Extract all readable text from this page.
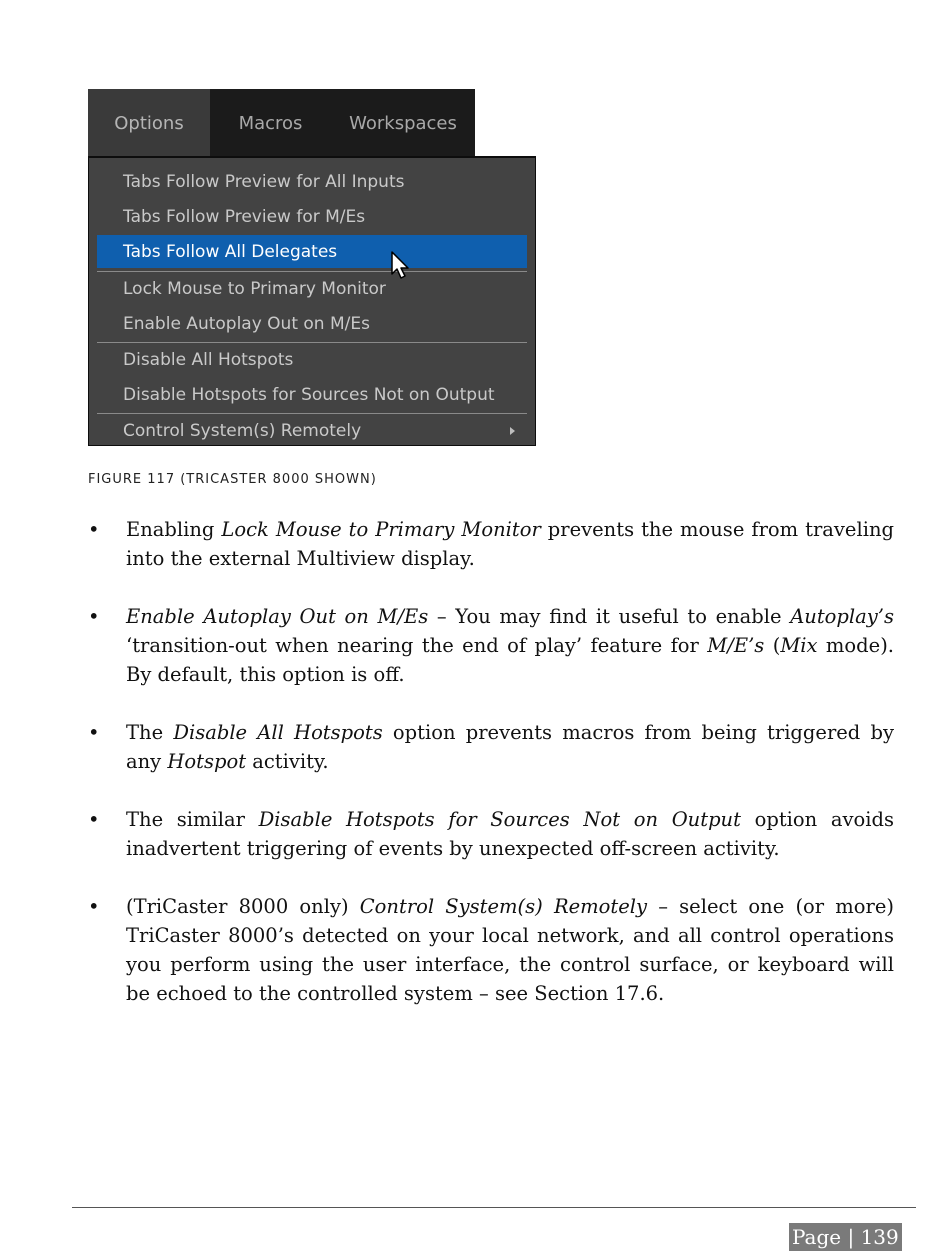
Options	Macros	Workspaces
Tabs Follow Preview for All Inputs
Tabs Follow Preview for M/Es
Tabs Follow All Delegates
Lock Mouse to Primary Monitor
Enable Autoplay Out on M/Es
Disable All Hotspots
Disable Hotspots for Sources Not on Output
Control System(s) Remotely
FIGURE 117 (TRICASTER 8000 SHOWN)
• Enabling Lock Mouse to Primary Monitor prevents the mouse from traveling into the external Multiview display.
• Enable Autoplay Out on M/Es – You may find it useful to enable Autoplay’s ‘transition-out when nearing the end of play’ feature for M/E’s (Mix mode). By default, this option is off.
• The Disable All Hotspots option prevents macros from being triggered by any Hotspot activity.
• The similar Disable Hotspots for Sources Not on Output option avoids inadvertent triggering of events by unexpected off-screen activity.
• (TriCaster 8000 only) Control System(s) Remotely – select one (or more) TriCaster 8000’s detected on your local network, and all control operations you perform using the user interface, the control surface, or keyboard will be echoed to the controlled system – see Section 17.6.
Page | 139
